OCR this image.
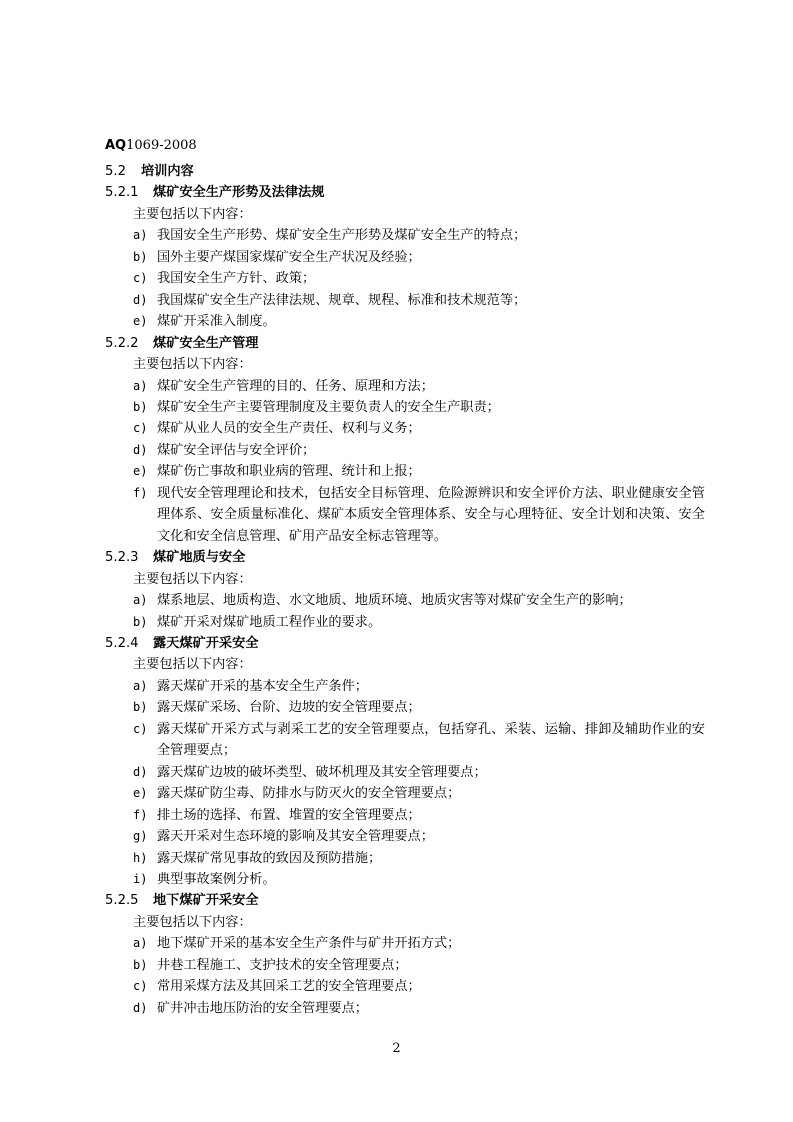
AQ1069-2008
5.2 培训内容
5.2.1 煤矿安全生产形势及法律法规
主要包括以下内容：
a) 我国安全生产形势、煤矿安全生产形势及煤矿安全生产的特点；
b) 国外主要产煤国家煤矿安全生产状况及经验；
c) 我国安全生产方针、政策；
d) 我国煤矿安全生产法律法规、规章、规程、标准和技术规范等；
e) 煤矿开采准入制度。
5.2.2 煤矿安全生产管理
主要包括以下内容：
a) 煤矿安全生产管理的目的、任务、原理和方法；
b) 煤矿安全生产主要管理制度及主要负责人的安全生产职责；
c) 煤矿从业人员的安全生产责任、权利与义务；
d) 煤矿安全评估与安全评价；
e) 煤矿伤亡事故和职业病的管理、统计和上报；
f) 现代安全管理理论和技术，包括安全目标管理、危险源辨识和安全评价方法、职业健康安全管理体系、安全质量标准化、煤矿本质安全管理体系、安全与心理特征、安全计划和决策、安全文化和安全信息管理、矿用产品安全标志管理等。
5.2.3 煤矿地质与安全
主要包括以下内容：
a) 煤系地层、地质构造、水文地质、地质环境、地质灾害等对煤矿安全生产的影响；
b) 煤矿开采对煤矿地质工程作业的要求。
5.2.4 露天煤矿开采安全
主要包括以下内容：
a) 露天煤矿开采的基本安全生产条件；
b) 露天煤矿采场、台阶、边坡的安全管理要点；
c) 露天煤矿开采方式与剥采工艺的安全管理要点，包括穿孔、采装、运输、排卸及辅助作业的安全管理要点；
d) 露天煤矿边坡的破坏类型、破坏机理及其安全管理要点；
e) 露天煤矿防尘毒、防排水与防灭火的安全管理要点；
f) 排土场的选择、布置、堆置的安全管理要点；
g) 露天开采对生态环境的影响及其安全管理要点；
h) 露天煤矿常见事故的致因及预防措施；
i) 典型事故案例分析。
5.2.5 地下煤矿开采安全
主要包括以下内容：
a) 地下煤矿开采的基本安全生产条件与矿井开拓方式；
b) 井巷工程施工、支护技术的安全管理要点；
c) 常用采煤方法及其回采工艺的安全管理要点；
d) 矿井冲击地压防治的安全管理要点；
2
